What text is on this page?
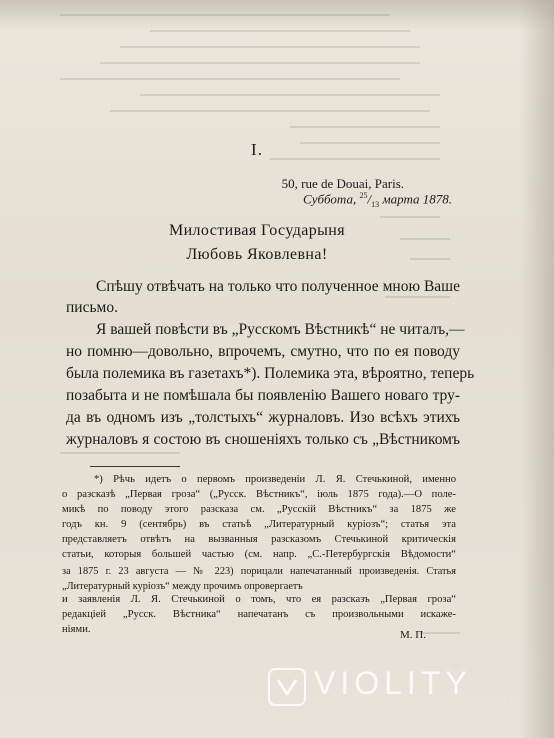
I.
50, rue de Douai, Paris.
Суббота, $^{25}/_{13}$ марта 1878.
Милостивая Государыня
Любовь Яковлевна!
Спѣшу отвѣчать на только что полученное мною Ваше
письмо.
Я вашей повѣсти въ „Русскомъ Вѣстникѣ“ не читалъ,—
но помню—довольно, впрочемъ, смутно, что по ея поводу
была полемика въ газетахъ*). Полемика эта, вѣроятно, теперь
позабыта и не помѣшала бы появленію Вашего новаго тру-
да въ одномъ изъ „толстыхъ“ журналовъ. Изо всѣхъ этихъ
журналовъ я состою въ сношеніяхъ только съ „Вѣстникомъ
*) Рѣчь идетъ о первомъ произведеніи Л. Я. Стечькиной, именно
о разсказѣ „Первая гроза“ („Русск. Вѣстникъ“, іюль 1875 года).—О поле-
микѣ по поводу этого разсказа см. „Русскій Вѣстникъ“ за 1875 же
годъ кн. 9 (сентябрь) въ статьѣ „Литературный куріозъ“; статья эта
представляетъ отвѣтъ на вызванныя разсказомъ Стечькиной критическія
статьи, которыя большей частью (см. напр. „С.-Петербургскія Вѣдомости“
за 1875 г. 23 августа — № 223) порицали напечатанный произведенія. Статья „Литературный куріозъ“ между прочимъ опровергаетъ
и заявленія Л. Я. Стечькиной о томъ, что ея разсказъ „Первая гроза“
редакціей „Русск. Вѣстника“ напечатанъ съ произвольными искаже-
ніями.	М. П.
VIOLITY
